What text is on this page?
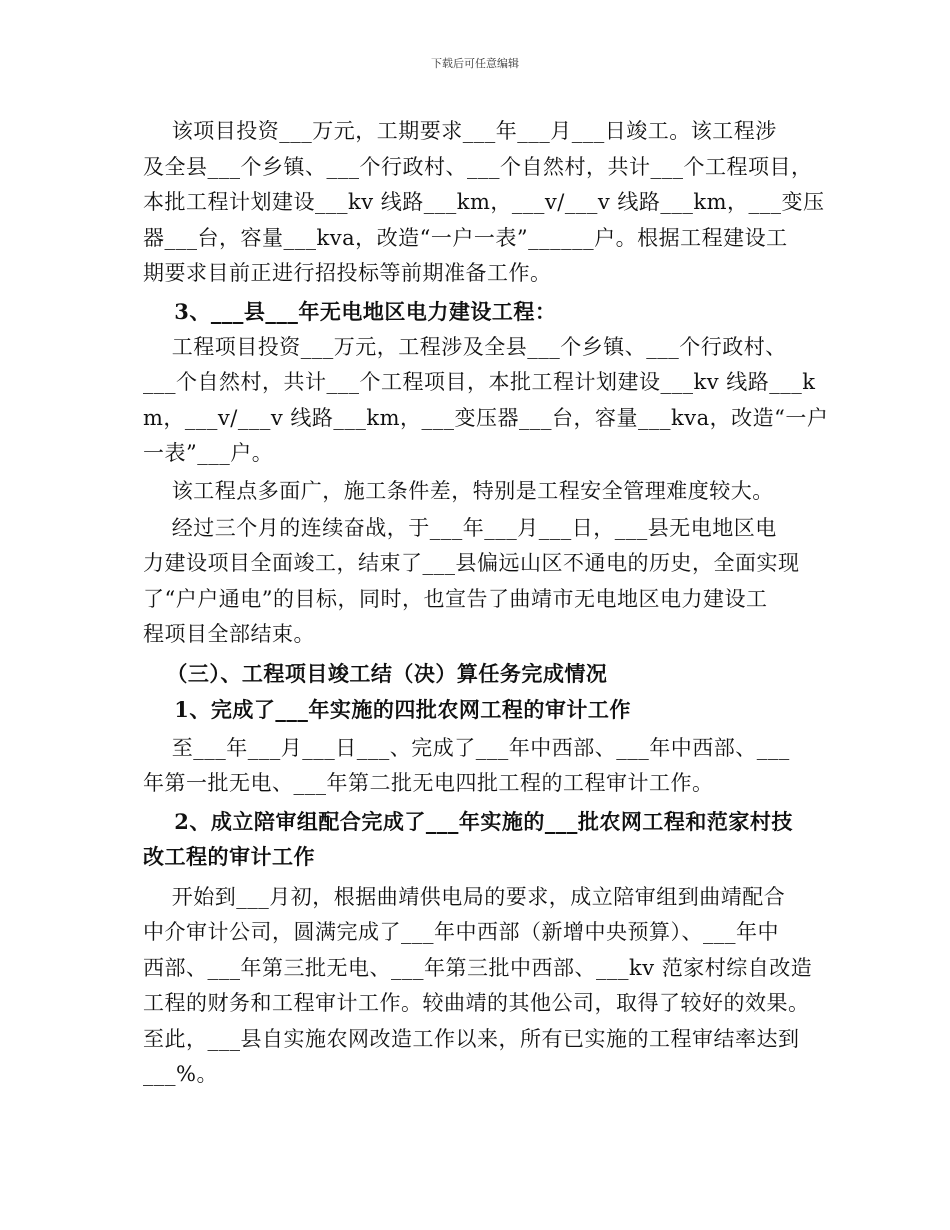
下载后可任意编辑
该项目投资___万元，工期要求___年___月___日竣工。该工程涉
及全县___个乡镇、___个行政村、___个自然村，共计___个工程项目，
本批工程计划建设___kv 线路___km，___v/___v 线路___km，___变压
器___台，容量___kva，改造“一户一表”______户。根据工程建设工
期要求目前正进行招投标等前期准备工作。
3、___县___年无电地区电力建设工程：
工程项目投资___万元，工程涉及全县___个乡镇、___个行政村、
___个自然村，共计___个工程项目，本批工程计划建设___kv 线路___k
m，___v/___v 线路___km，___变压器___台，容量___kva，改造“一户
一表”___户。
该工程点多面广，施工条件差，特别是工程安全管理难度较大。
经过三个月的连续奋战，于___年___月___日，___县无电地区电
力建设项目全面竣工，结束了___县偏远山区不通电的历史，全面实现
了“户户通电”的目标，同时，也宣告了曲靖市无电地区电力建设工
程项目全部结束。
（三）、工程项目竣工结（决）算任务完成情况
1、完成了___年实施的四批农网工程的审计工作
至___年___月___日___、完成了___年中西部、___年中西部、___
年第一批无电、___年第二批无电四批工程的工程审计工作。
2、成立陪审组配合完成了___年实施的___批农网工程和范家村技
改工程的审计工作
开始到___月初，根据曲靖供电局的要求，成立陪审组到曲靖配合
中介审计公司，圆满完成了___年中西部（新增中央预算）、___年中
西部、___年第三批无电、___年第三批中西部、___kv 范家村综自改造
工程的财务和工程审计工作。较曲靖的其他公司，取得了较好的效果。
至此，___县自实施农网改造工作以来，所有已实施的工程审结率达到
___%。
